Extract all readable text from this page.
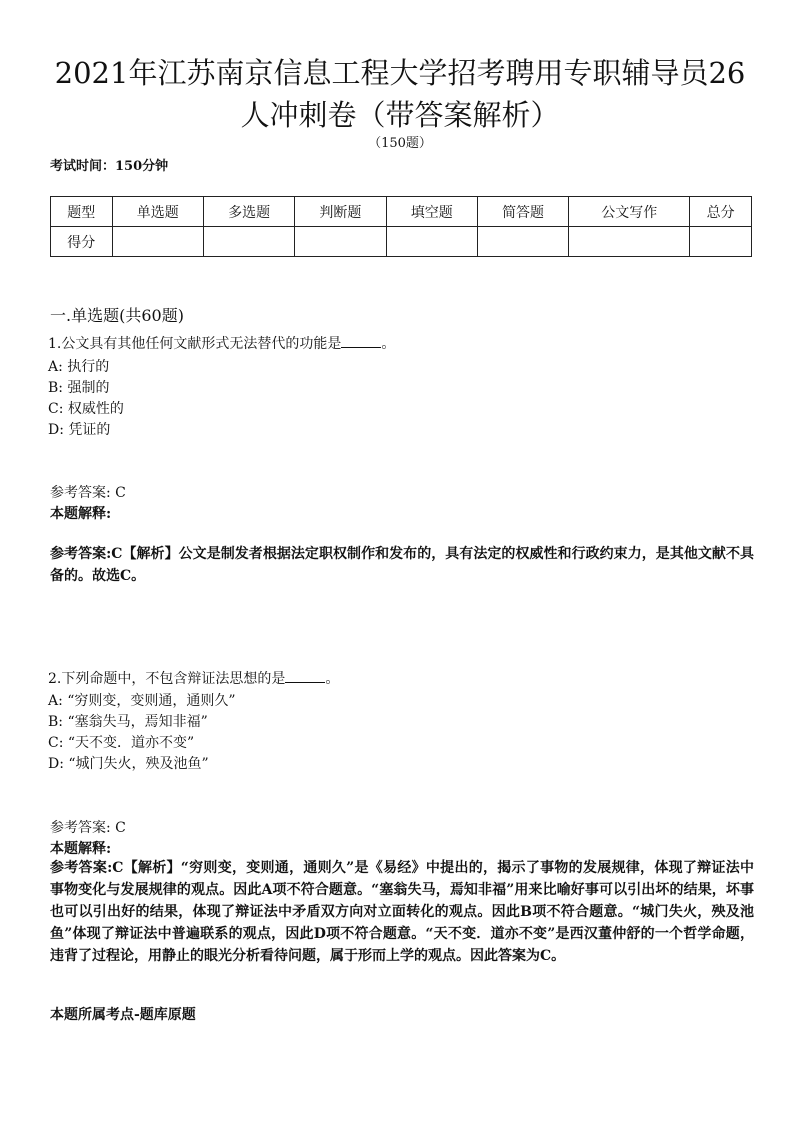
2021年江苏南京信息工程大学招考聘用专职辅导员26
人冲刺卷（带答案解析）
（150题）
考试时间：150分钟
题型	单选题	多选题	判断题	填空题	简答题	公文写作	总分
得分							
一.单选题(共60题)
1.公文具有其他任何文献形式无法替代的功能是	。
A: 执行的
B: 强制的
C: 权威性的
D: 凭证的
参考答案: C
本题解释:
参考答案:C【解析】公文是制发者根据法定职权制作和发布的，具有法定的权威性和行政约束力，是其他文献不具备的。故选C。
2.下列命题中，不包含辩证法思想的是	。
A: “穷则变，变则通，通则久”
B: “塞翁失马，焉知非福”
C: “天不变．道亦不变”
D: “城门失火，殃及池鱼”
参考答案: C
本题解释:
参考答案:C【解析】“穷则变，变则通，通则久”是《易经》中提出的，揭示了事物的发展规律，体现了辩证法中事物变化与发展规律的观点。因此A项不符合题意。“塞翁失马，焉知非福”用来比喻好事可以引出坏的结果，坏事也可以引出好的结果，体现了辩证法中矛盾双方向对立面转化的观点。因此B项不符合题意。“城门失火，殃及池鱼”体现了辩证法中普遍联系的观点，因此D项不符合题意。“天不变．道亦不变”是西汉董仲舒的一个哲学命题，违背了过程论，用静止的眼光分析看待问题，属于形而上学的观点。因此答案为C。
本题所属考点-题库原题
